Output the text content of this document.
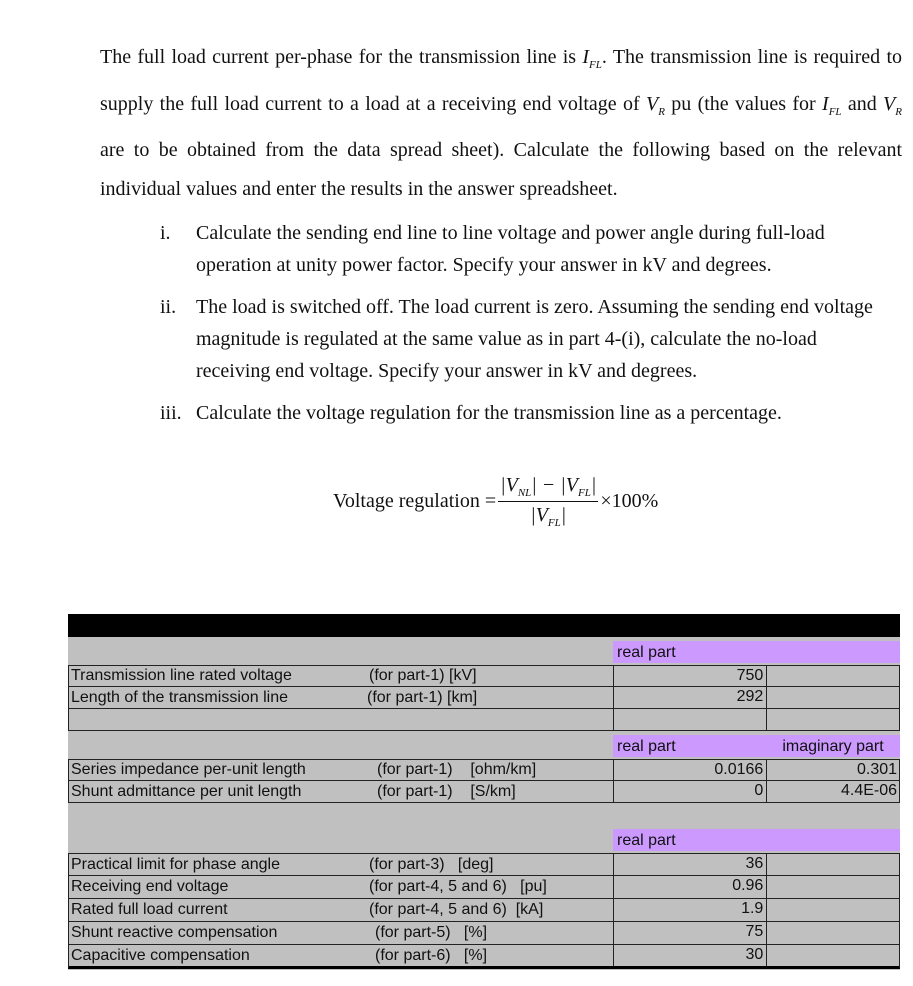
The full load current per-phase for the transmission line is $I_{FL}$. The transmission line is required to supply the full load current to a load at a receiving end voltage of $V_R$ pu (the values for $I_{FL}$ and $V_R$ are to be obtained from the data spread sheet). Calculate the following based on the relevant individual values and enter the results in the answer spreadsheet.
i.	Calculate the sending end line to line voltage and power angle during full-load operation at unity power factor. Specify your answer in kV and degrees.
ii. The load is switched off. The load current is zero. Assuming the sending end voltage magnitude is regulated at the same value as in part 4-(i), calculate the no-load receiving end voltage. Specify your answer in kV and degrees.
iii. Calculate the voltage regulation for the transmission line as a percentage.
Voltage regulation = $\frac{|V_{NL}| - |V_{FL}|}{|V_{FL}|} \times 100\%$
real part
Transmission line rated voltage	(for part-1) [kV]	750
Length of the transmission line	(for part-1) [km]	292
real part	imaginary part
Series impedance per-unit length	(for part-1)    [ohm/km]	0.0166	0.301
Shunt admittance per unit length	(for part-1)    [S/km]	0	4.4E-06
real part
Practical limit for phase angle	(for part-3)   [deg]	36
Receiving end voltage	(for part-4, 5 and 6)   [pu]	0.96
Rated full load current	(for part-4, 5 and 6)  [kA]	1.9
Shunt reactive compensation	(for part-5)   [%]	75
Capacitive compensation	(for part-6)   [%]	30
